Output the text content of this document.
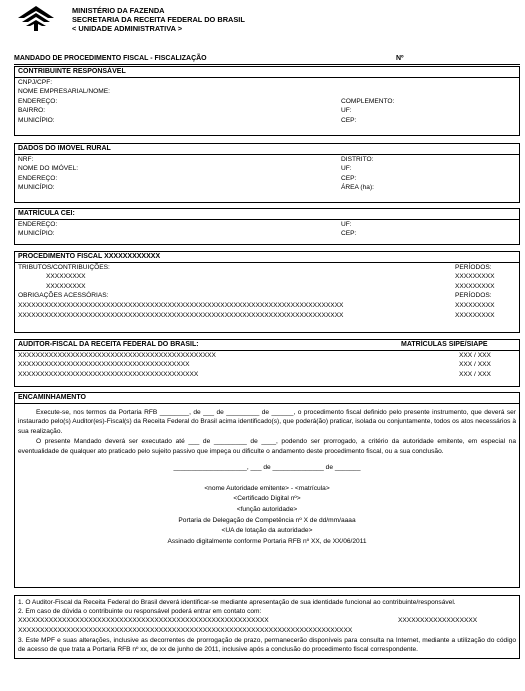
MINISTÉRIO DA FAZENDA
SECRETARIA DA RECEITA FEDERAL DO BRASIL
< UNIDADE ADMINISTRATIVA >
MANDADO DE PROCEDIMENTO FISCAL - FISCALIZAÇÃO	Nº
CONTRIBUINTE RESPONSÁVEL
CNPJ/CPF:
NOME EMPRESARIAL/NOME:
ENDEREÇO:	COMPLEMENTO:
BAIRRO:	UF:
MUNICÍPIO:	CEP:
DADOS DO IMÓVEL RURAL
NRF:	DISTRITO:
NOME DO IMÓVEL:	UF:
ENDEREÇO:	CEP:
MUNICÍPIO:	ÁREA (ha):
MATRÍCULA CEI:
ENDEREÇO:	UF:
MUNICÍPIO:	CEP:
PROCEDIMENTO FISCAL XXXXXXXXXXXX
TRIBUTOS/CONTRIBUIÇÕES:	PERÍODOS:
XXXXXXXXX	XXXXXXXXX
XXXXXXXXX	XXXXXXXXX
OBRIGAÇÕES ACESSÓRIAS:	PERÍODOS:
XXXXXXXXXXXXXXXXXXXXXXXXXXXXXXXXXXXXXXXXXXXXXXXXXXXXXXXXXXXXXXXXXXXXXXXXXX	XXXXXXXXX
XXXXXXXXXXXXXXXXXXXXXXXXXXXXXXXXXXXXXXXXXXXXXXXXXXXXXXXXXXXXXXXXXXXXXXXXXX	XXXXXXXXX
AUDITOR-FISCAL DA RECEITA FEDERAL DO BRASIL:	MATRÍCULAS SIPE/SIAPE
XXXXXXXXXXXXXXXXXXXXXXXXXXXXXXXXXXXXXXXXXXXXX	XXX / XXX
XXXXXXXXXXXXXXXXXXXXXXXXXXXXXXXXXXXXXXX	XXX / XXX
XXXXXXXXXXXXXXXXXXXXXXXXXXXXXXXXXXXXXXXXX	XXX / XXX
ENCAMINHAMENTO

Execute-se, nos termos da Portaria RFB ________, de ___ de _________ de ______, o procedimento fiscal definido pelo presente instrumento, que deverá ser instaurado pelo(s) Auditor(es)-Fiscal(s) da Receita Federal do Brasil acima identificado(s), que poderá(ão) praticar, isolada ou conjuntamente, todos os atos necessários à sua realização.

O presente Mandado deverá ser executado até ___ de _________ de ____, podendo ser prorrogado, a critério da autoridade emitente, em especial na eventualidade de qualquer ato praticado pelo sujeito passivo que impeça ou dificulte o andamento deste procedimento fiscal, ou a sua conclusão.

____________________, ___ de ______________ de _______
<nome Autoridade emitente> - <matrícula>
<Certificado Digital nº>
<função autoridade>
Portaria de Delegação de Competência nº X de dd/mm/aaaa
<UA de lotação da autoridade>
Assinado digitalmente conforme Portaria RFB nº XX, de XX/06/2011
1. O Auditor-Fiscal da Receita Federal do Brasil deverá identificar-se mediante apresentação de sua identidade funcional ao contribuinte/responsável.
2. Em caso de dúvida o contribuinte ou responsável poderá entrar em contato com:
XXXXXXXXXXXXXXXXXXXXXXXXXXXXXXXXXXXXXXXXXXXXXXXXXXXXXXXXX	XXXXXXXXXXXXXXXXXX
XXXXXXXXXXXXXXXXXXXXXXXXXXXXXXXXXXXXXXXXXXXXXXXXXXXXXXXXXXXXXXXXXXXXXXXXXXXX
3. Este MPF e suas alterações, inclusive as decorrentes de prorrogação de prazo, permanecerão disponíveis para consulta na Internet, mediante a utilização do código de acesso de que trata a Portaria RFB nº xx, de xx de junho de 2011, inclusive após a conclusão do procedimento fiscal correspondente.
